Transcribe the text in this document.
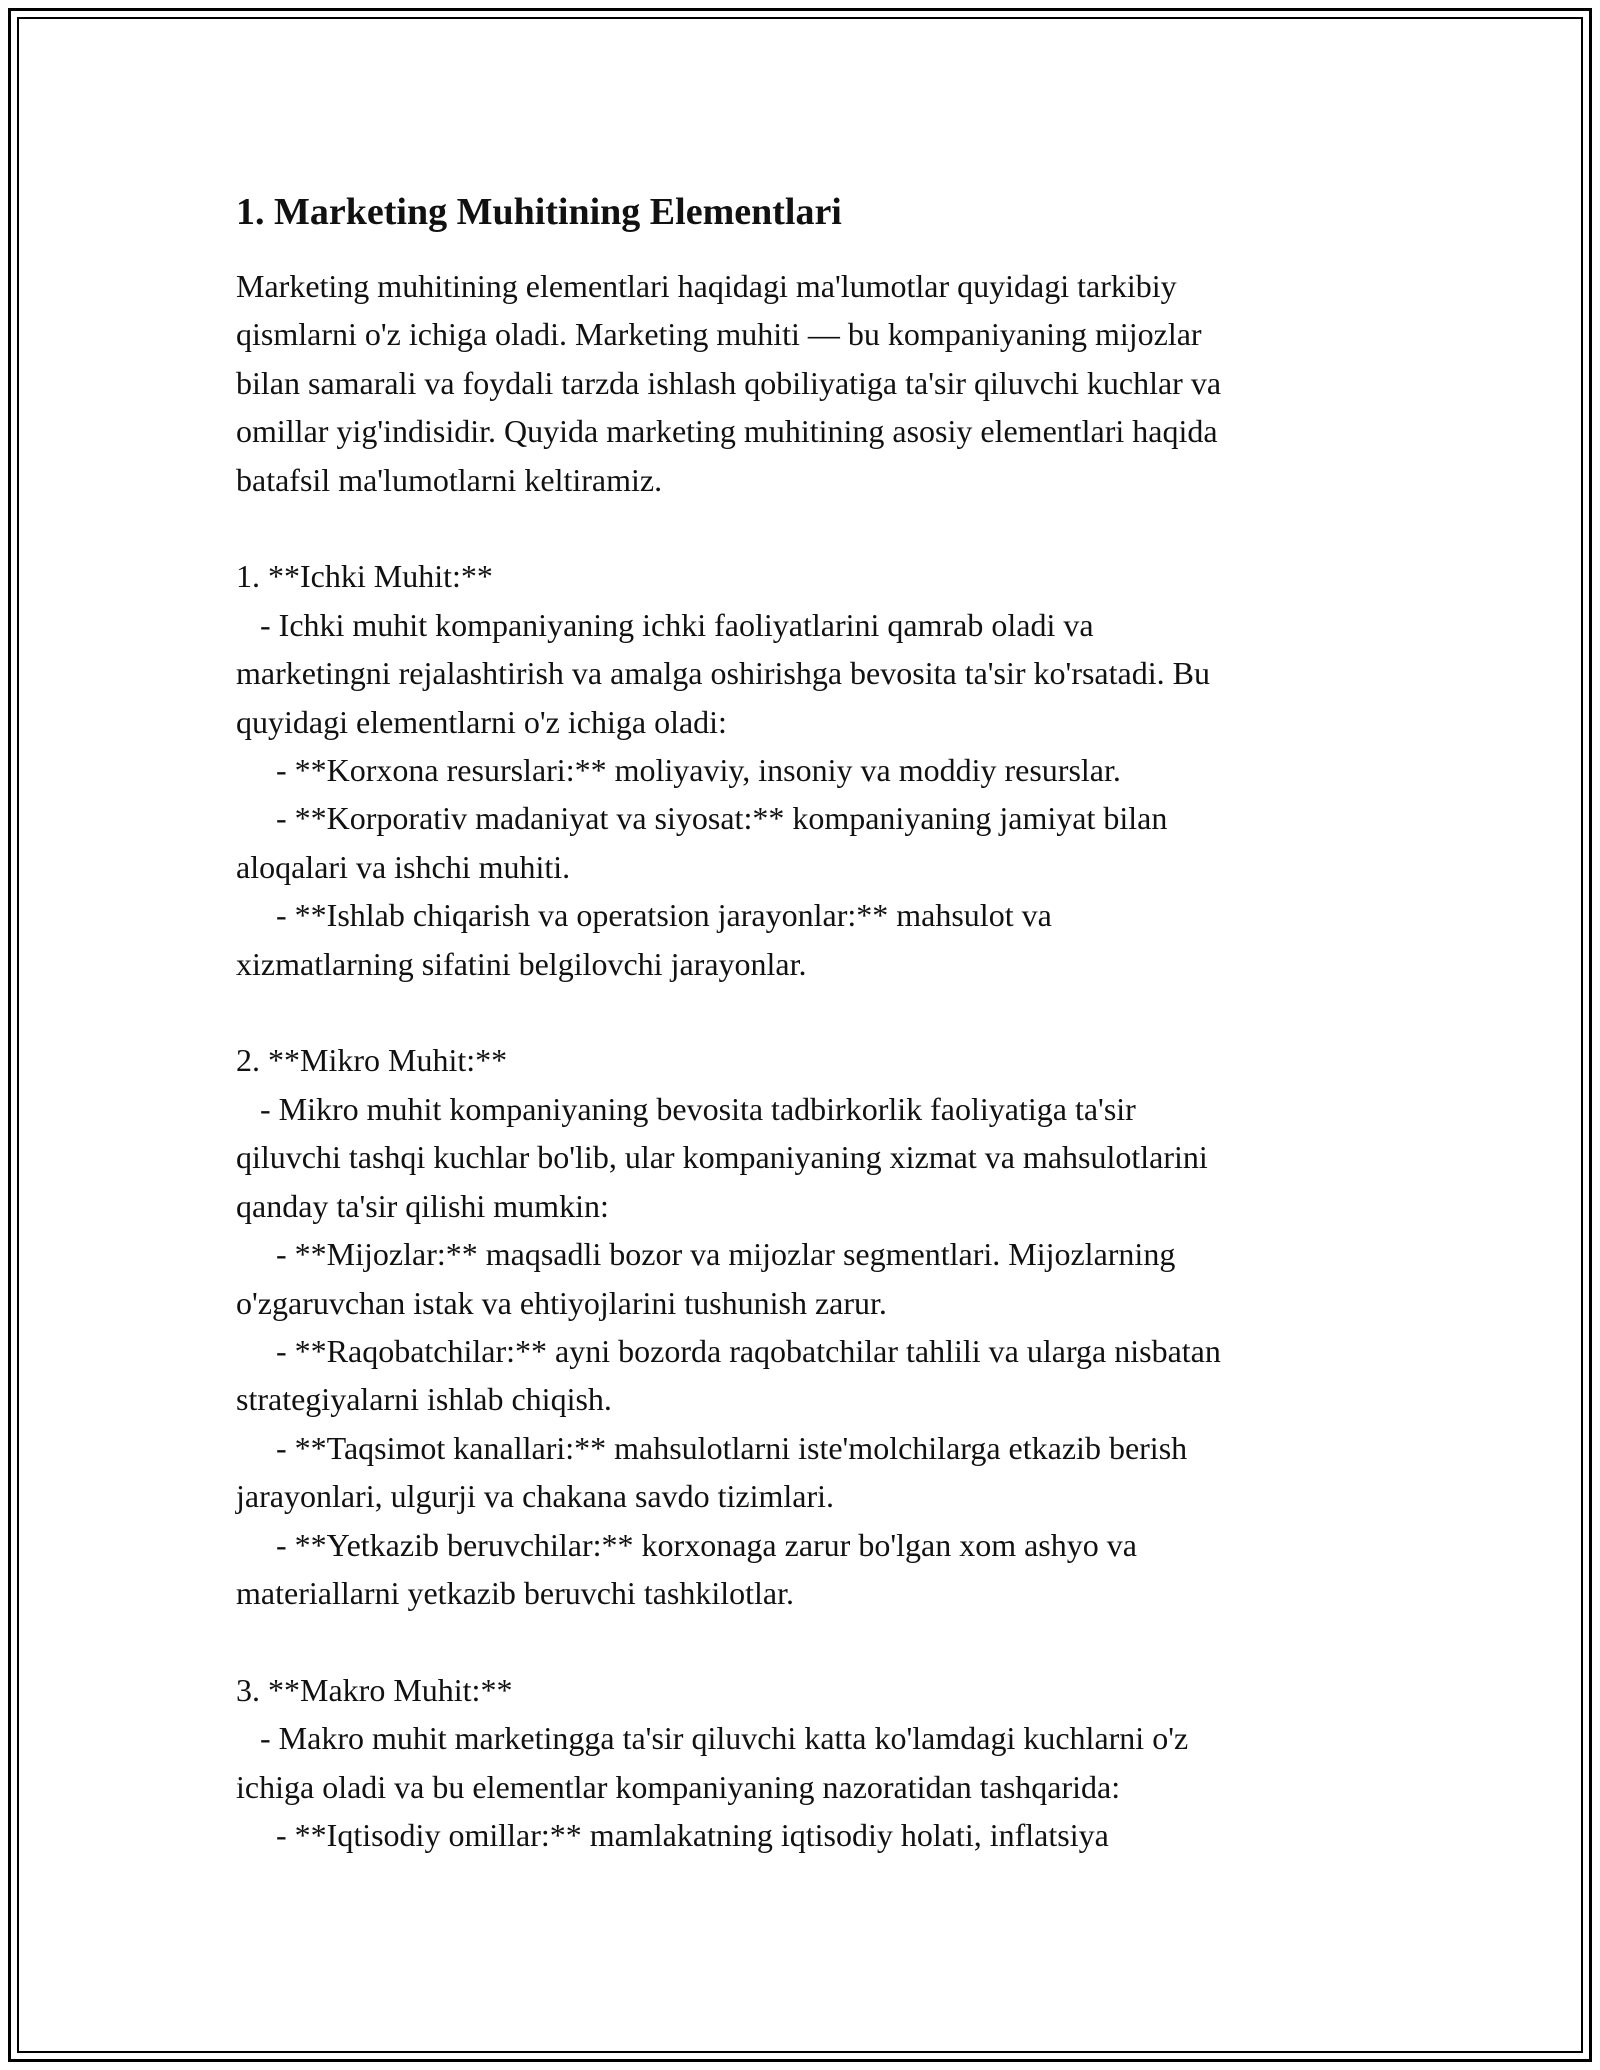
1. Marketing Muhitining Elementlari
Marketing muhitining elementlari haqidagi ma'lumotlar quyidagi tarkibiy
qismlarni o'z ichiga oladi. Marketing muhiti — bu kompaniyaning mijozlar
bilan samarali va foydali tarzda ishlash qobiliyatiga ta'sir qiluvchi kuchlar va
omillar yig'indisidir. Quyida marketing muhitining asosiy elementlari haqida
batafsil ma'lumotlarni keltiramiz.
1. **Ichki Muhit:**
- Ichki muhit kompaniyaning ichki faoliyatlarini qamrab oladi va
marketingni rejalashtirish va amalga oshirishga bevosita ta'sir ko'rsatadi. Bu
quyidagi elementlarni o'z ichiga oladi:
- **Korxona resurslari:** moliyaviy, insoniy va moddiy resurslar.
- **Korporativ madaniyat va siyosat:** kompaniyaning jamiyat bilan
aloqalari va ishchi muhiti.
- **Ishlab chiqarish va operatsion jarayonlar:** mahsulot va
xizmatlarning sifatini belgilovchi jarayonlar.
2. **Mikro Muhit:**
- Mikro muhit kompaniyaning bevosita tadbirkorlik faoliyatiga ta'sir
qiluvchi tashqi kuchlar bo'lib, ular kompaniyaning xizmat va mahsulotlarini
qanday ta'sir qilishi mumkin:
- **Mijozlar:** maqsadli bozor va mijozlar segmentlari. Mijozlarning
o'zgaruvchan istak va ehtiyojlarini tushunish zarur.
- **Raqobatchilar:** ayni bozorda raqobatchilar tahlili va ularga nisbatan
strategiyalarni ishlab chiqish.
- **Taqsimot kanallari:** mahsulotlarni iste'molchilarga etkazib berish
jarayonlari, ulgurji va chakana savdo tizimlari.
- **Yetkazib beruvchilar:** korxonaga zarur bo'lgan xom ashyo va
materiallarni yetkazib beruvchi tashkilotlar.
3. **Makro Muhit:**
- Makro muhit marketingga ta'sir qiluvchi katta ko'lamdagi kuchlarni o'z
ichiga oladi va bu elementlar kompaniyaning nazoratidan tashqarida:
- **Iqtisodiy omillar:** mamlakatning iqtisodiy holati, inflatsiya
